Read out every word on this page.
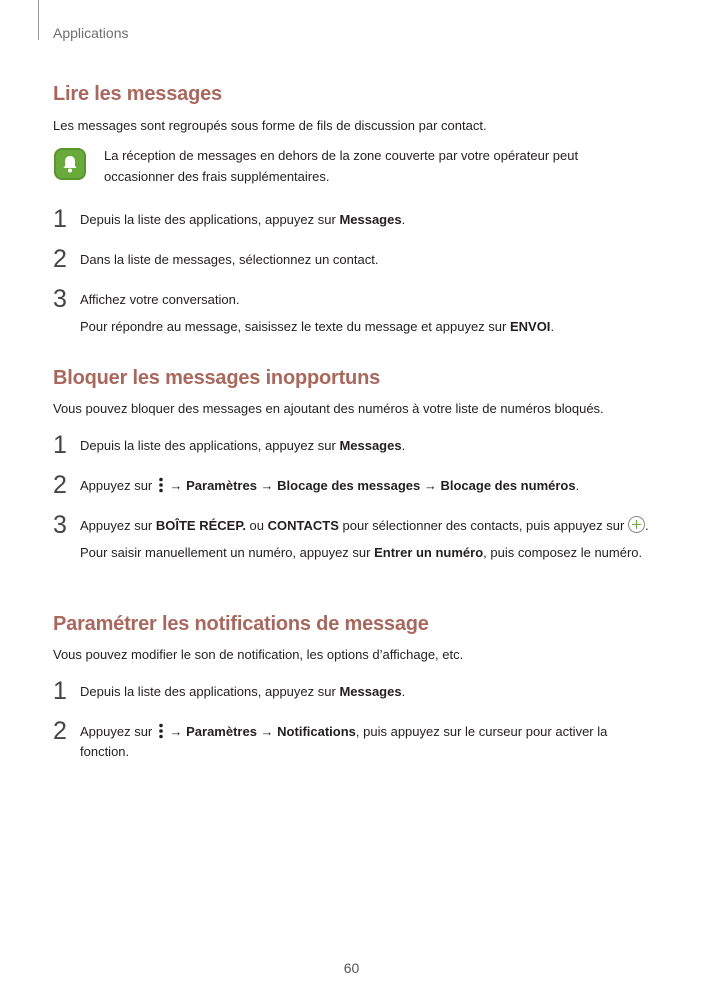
Applications
Lire les messages
Les messages sont regroupés sous forme de fils de discussion par contact.
La réception de messages en dehors de la zone couverte par votre opérateur peut occasionner des frais supplémentaires.
1	Depuis la liste des applications, appuyez sur Messages.
2	Dans la liste de messages, sélectionnez un contact.
3	Affichez votre conversation.
Pour répondre au message, saisissez le texte du message et appuyez sur ENVOI.
Bloquer les messages inopportuns
Vous pouvez bloquer des messages en ajoutant des numéros à votre liste de numéros bloqués.
1	Depuis la liste des applications, appuyez sur Messages.
2	Appuyez sur  → Paramètres → Blocage des messages → Blocage des numéros.
3	Appuyez sur BOÎTE RÉCEP. ou CONTACTS pour sélectionner des contacts, puis appuyez sur .
Pour saisir manuellement un numéro, appuyez sur Entrer un numéro, puis composez le numéro.
Paramétrer les notifications de message
Vous pouvez modifier le son de notification, les options d’affichage, etc.
1	Depuis la liste des applications, appuyez sur Messages.
2	Appuyez sur  → Paramètres → Notifications, puis appuyez sur le curseur pour activer la fonction.
60
